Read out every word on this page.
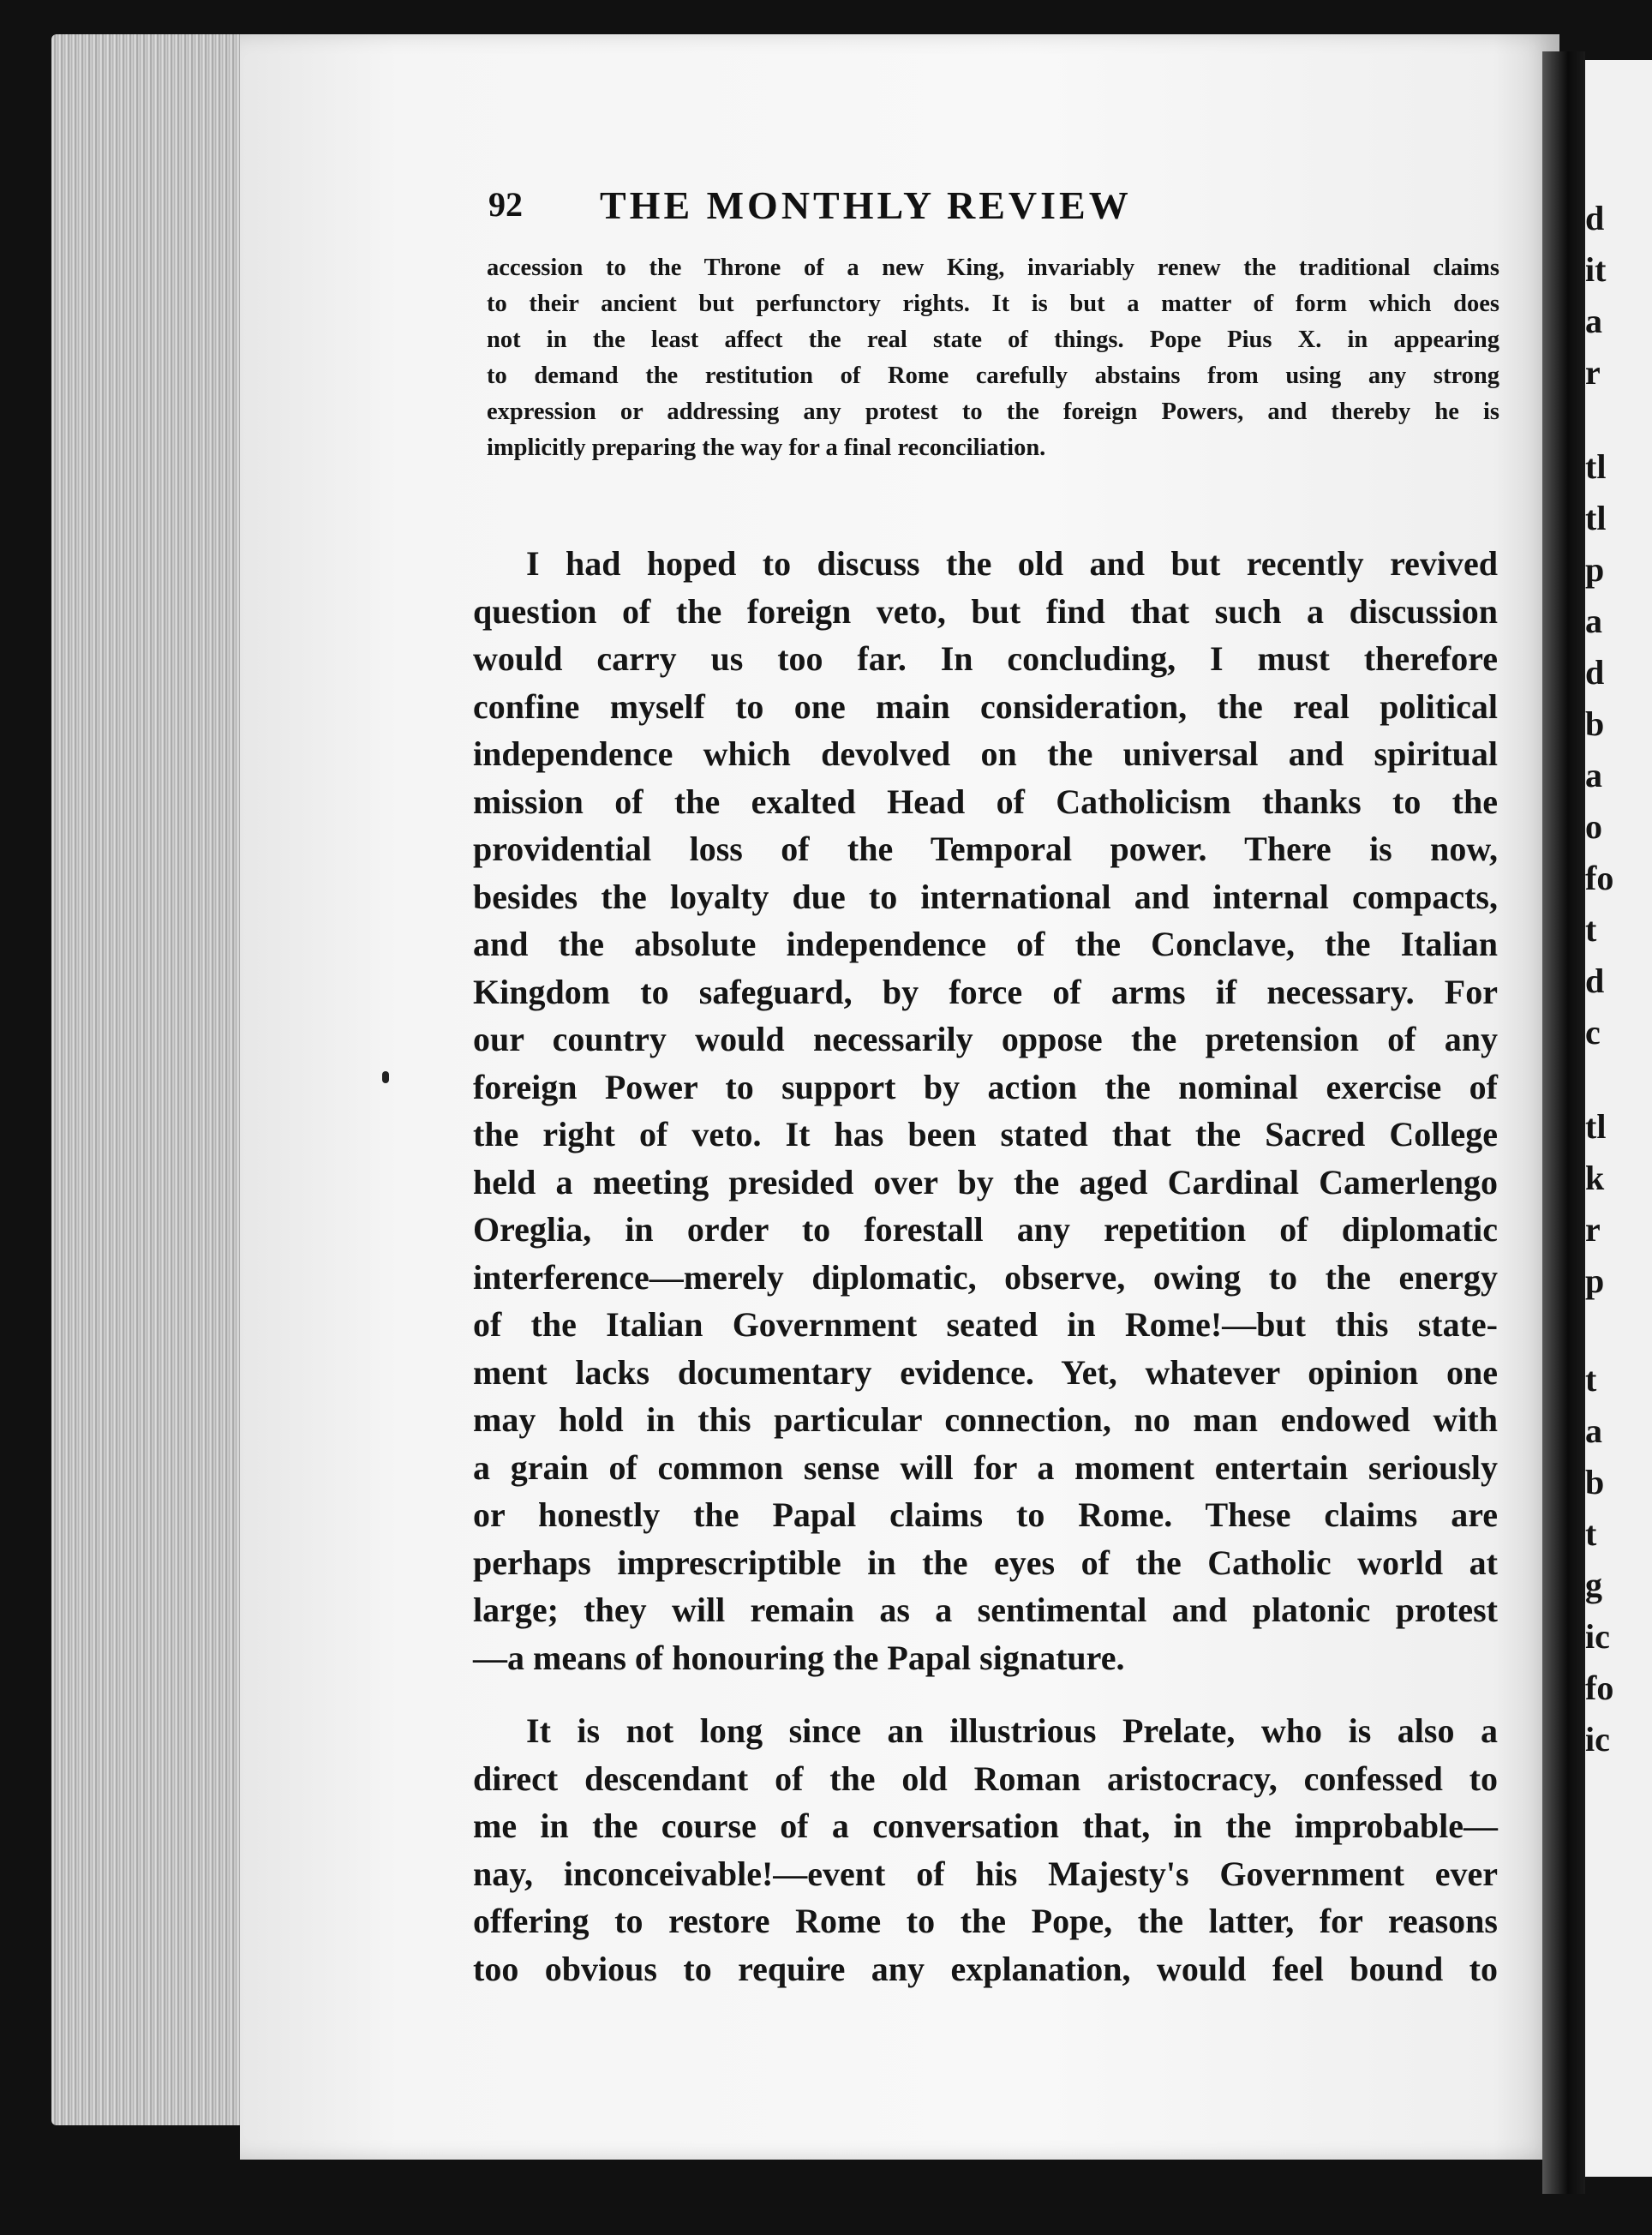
d
it
a
r
tl
tl
p
a
d
b
a
o
fo
t
d
c
tl
k
r
p
t
a
b
t
g
ic
fo
ic
92 THE MONTHLY REVIEW
accession to the Throne of a new King, invariably renew the traditional claims
to their ancient but perfunctory rights. It is but a matter of form which does
not in the least affect the real state of things. Pope Pius X. in appearing
to demand the restitution of Rome carefully abstains from using any strong
expression or addressing any protest to the foreign Powers, and thereby he is
implicitly preparing the way for a final reconciliation.
I had hoped to discuss the old and but recently revived
question of the foreign veto, but find that such a discussion
would carry us too far. In concluding, I must therefore
confine myself to one main consideration, the real political
independence which devolved on the universal and spiritual
mission of the exalted Head of Catholicism thanks to the
providential loss of the Temporal power. There is now,
besides the loyalty due to international and internal compacts,
and the absolute independence of the Conclave, the Italian
Kingdom to safeguard, by force of arms if necessary. For
our country would necessarily oppose the pretension of any
foreign Power to support by action the nominal exercise of
the right of veto. It has been stated that the Sacred College
held a meeting presided over by the aged Cardinal Camerlengo
Oreglia, in order to forestall any repetition of diplomatic
interference—merely diplomatic, observe, owing to the energy
of the Italian Government seated in Rome!—but this state-
ment lacks documentary evidence. Yet, whatever opinion one
may hold in this particular connection, no man endowed with
a grain of common sense will for a moment entertain seriously
or honestly the Papal claims to Rome. These claims are
perhaps imprescriptible in the eyes of the Catholic world at
large; they will remain as a sentimental and platonic protest
—a means of honouring the Papal signature.
It is not long since an illustrious Prelate, who is also a
direct descendant of the old Roman aristocracy, confessed to
me in the course of a conversation that, in the improbable—
nay, inconceivable!—event of his Majesty's Government ever
offering to restore Rome to the Pope, the latter, for reasons
too obvious to require any explanation, would feel bound to
